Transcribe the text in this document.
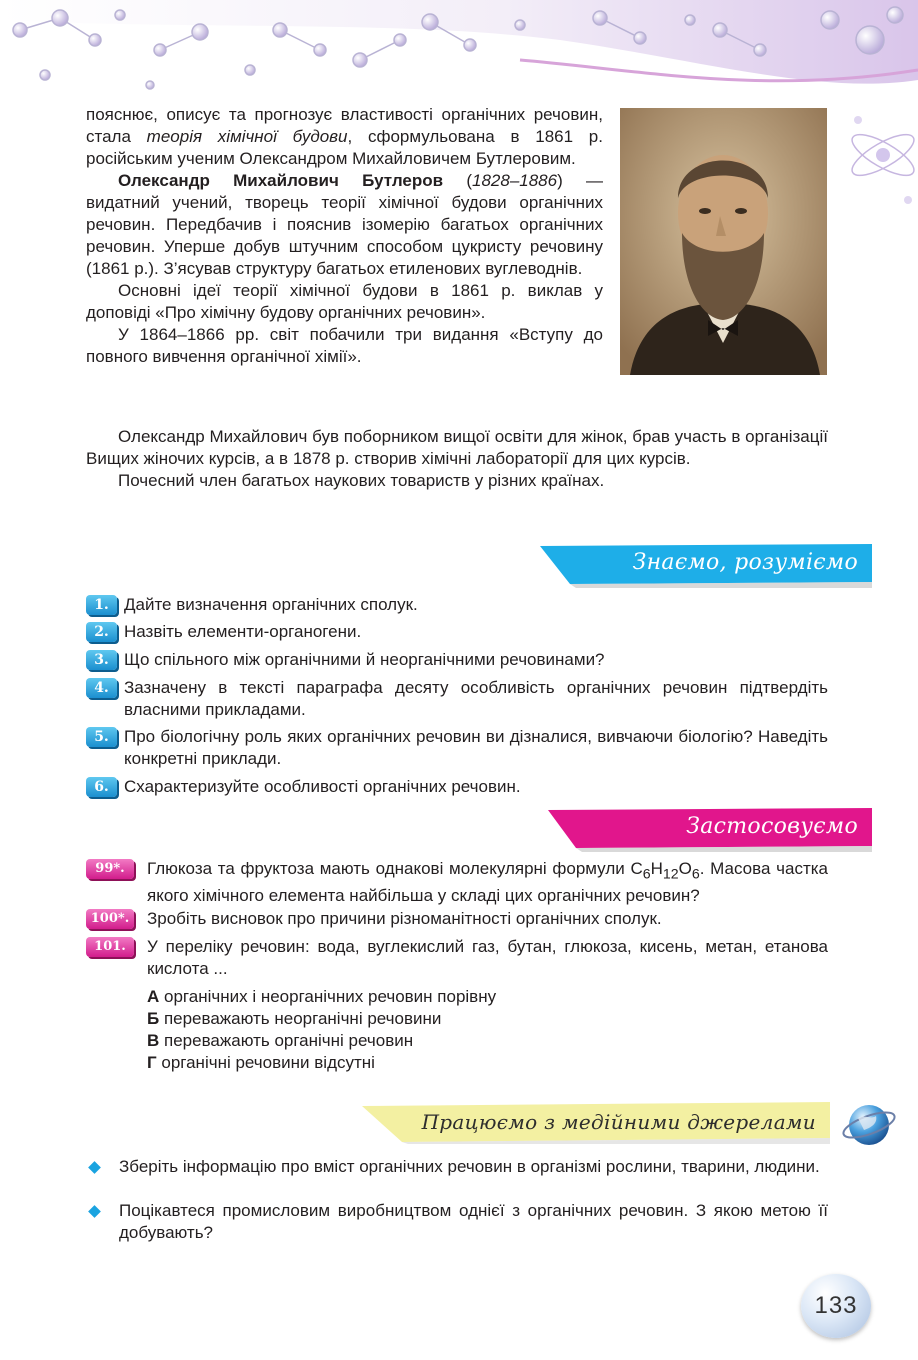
пояснює, описує та прогнозує властивості органічних речовин, стала теорія хімічної будови, сформульована в 1861 р. російським ученим Олександром Михайловичем Бутлеровим.

Олександр Михайлович Бутлеров (1828–1886) — видатний учений, творець теорії хімічної будови органічних речовин. Передбачив і пояснив ізомерію багатьох органічних речовин. Уперше добув штучним способом цукристу речовину (1861 р.). З’ясував структуру багатьох етиленових вуглеводнів.

Основні ідеї теорії хімічної будови в 1861 р. виклав у доповіді «Про хімічну будову органічних речовин».

У 1864–1866 рр. світ побачили три видання «Вступу до повного вивчення органічної хімії».

Олександр Михайлович був поборником вищої освіти для жінок, брав участь в організації Вищих жіночих курсів, а в 1878 р. створив хімічні лабораторії для цих курсів.

Почесний член багатьох наукових товариств у різних країнах.

Знаємо, розуміємо
1. Дайте визначення органічних сполук.
2. Назвіть елементи-органогени.
3. Що спільного між органічними й неорганічними речовинами?
4. Зазначену в тексті параграфа десяту особливість органічних речовин підтвердіть власними прикладами.
5. Про біологічну роль яких органічних речовин ви дізналися, вивчаючи біологію? Наведіть конкретні приклади.
6. Схарактеризуйте особливості органічних речовин.
Застосовуємо
99*.	Глюкоза та фруктоза мають однакові молекулярні формули $C_6H_{12}O_6$. Масова частка якого хімічного елемента найбільша у складі цих органічних речовин?
100*. Зробіть висновок про причини різноманітності органічних сполук.
101.	У переліку речовин: вода, вуглекислий газ, бутан, глюкоза, кисень, метан, етанова кислота ...
А органічних і неорганічних речовин порівну
Б переважають неорганічні речовини
В переважають органічні речовин
Г органічні речовини відсутні
Працюємо з медійними джерелами
Зберіть інформацію про вміст органічних речовин в організмі рослини, тварини, людини.
Поцікавтеся промисловим виробництвом однієї з органічних речовин. З якою метою її добувають?
133
